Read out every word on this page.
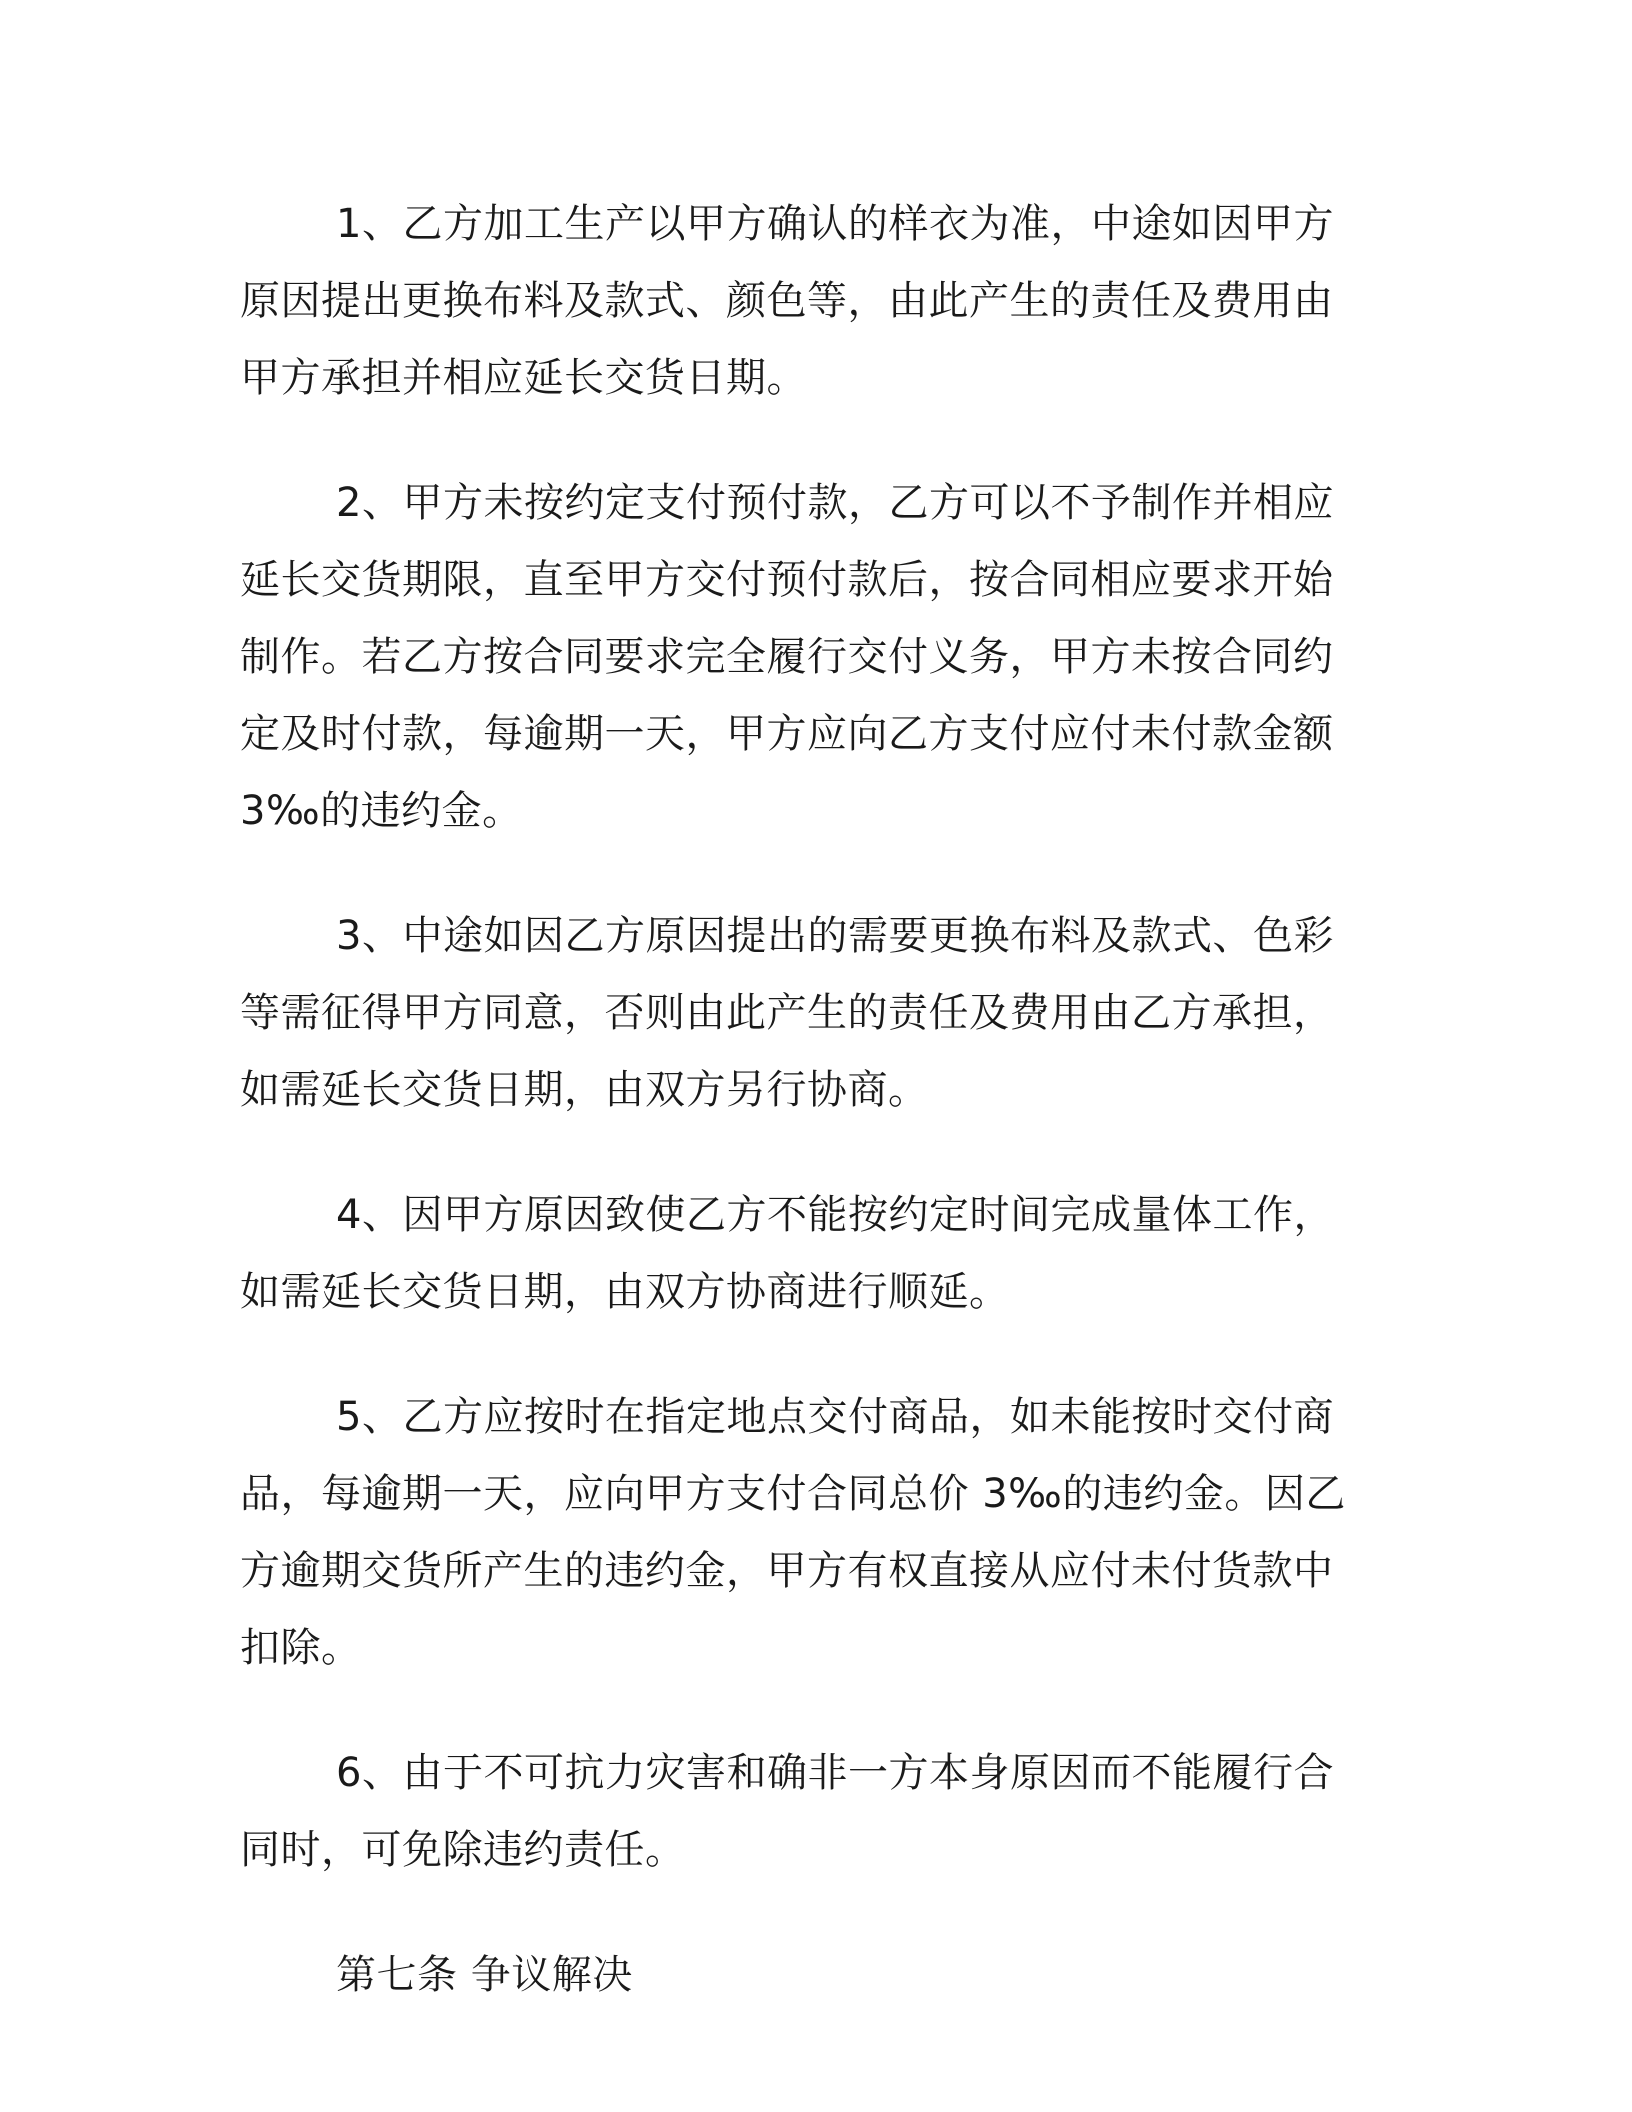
1、乙方加工生产以甲方确认的样衣为准，中途如因甲方原因提出更换布料及款式、颜色等，由此产生的责任及费用由甲方承担并相应延长交货日期。

2、甲方未按约定支付预付款，乙方可以不予制作并相应延长交货期限，直至甲方交付预付款后，按合同相应要求开始制作。若乙方按合同要求完全履行交付义务，甲方未按合同约定及时付款，每逾期一天，甲方应向乙方支付应付未付款金额 3‰的违约金。

3、中途如因乙方原因提出的需要更换布料及款式、色彩等需征得甲方同意，否则由此产生的责任及费用由乙方承担，如需延长交货日期，由双方另行协商。

4、因甲方原因致使乙方不能按约定时间完成量体工作，如需延长交货日期，由双方协商进行顺延。

5、乙方应按时在指定地点交付商品，如未能按时交付商品，每逾期一天，应向甲方支付合同总价 3‰的违约金。因乙方逾期交货所产生的违约金，甲方有权直接从应付未付货款中扣除。

6、由于不可抗力灾害和确非一方本身原因而不能履行合同时，可免除违约责任。

第七条 争议解决
